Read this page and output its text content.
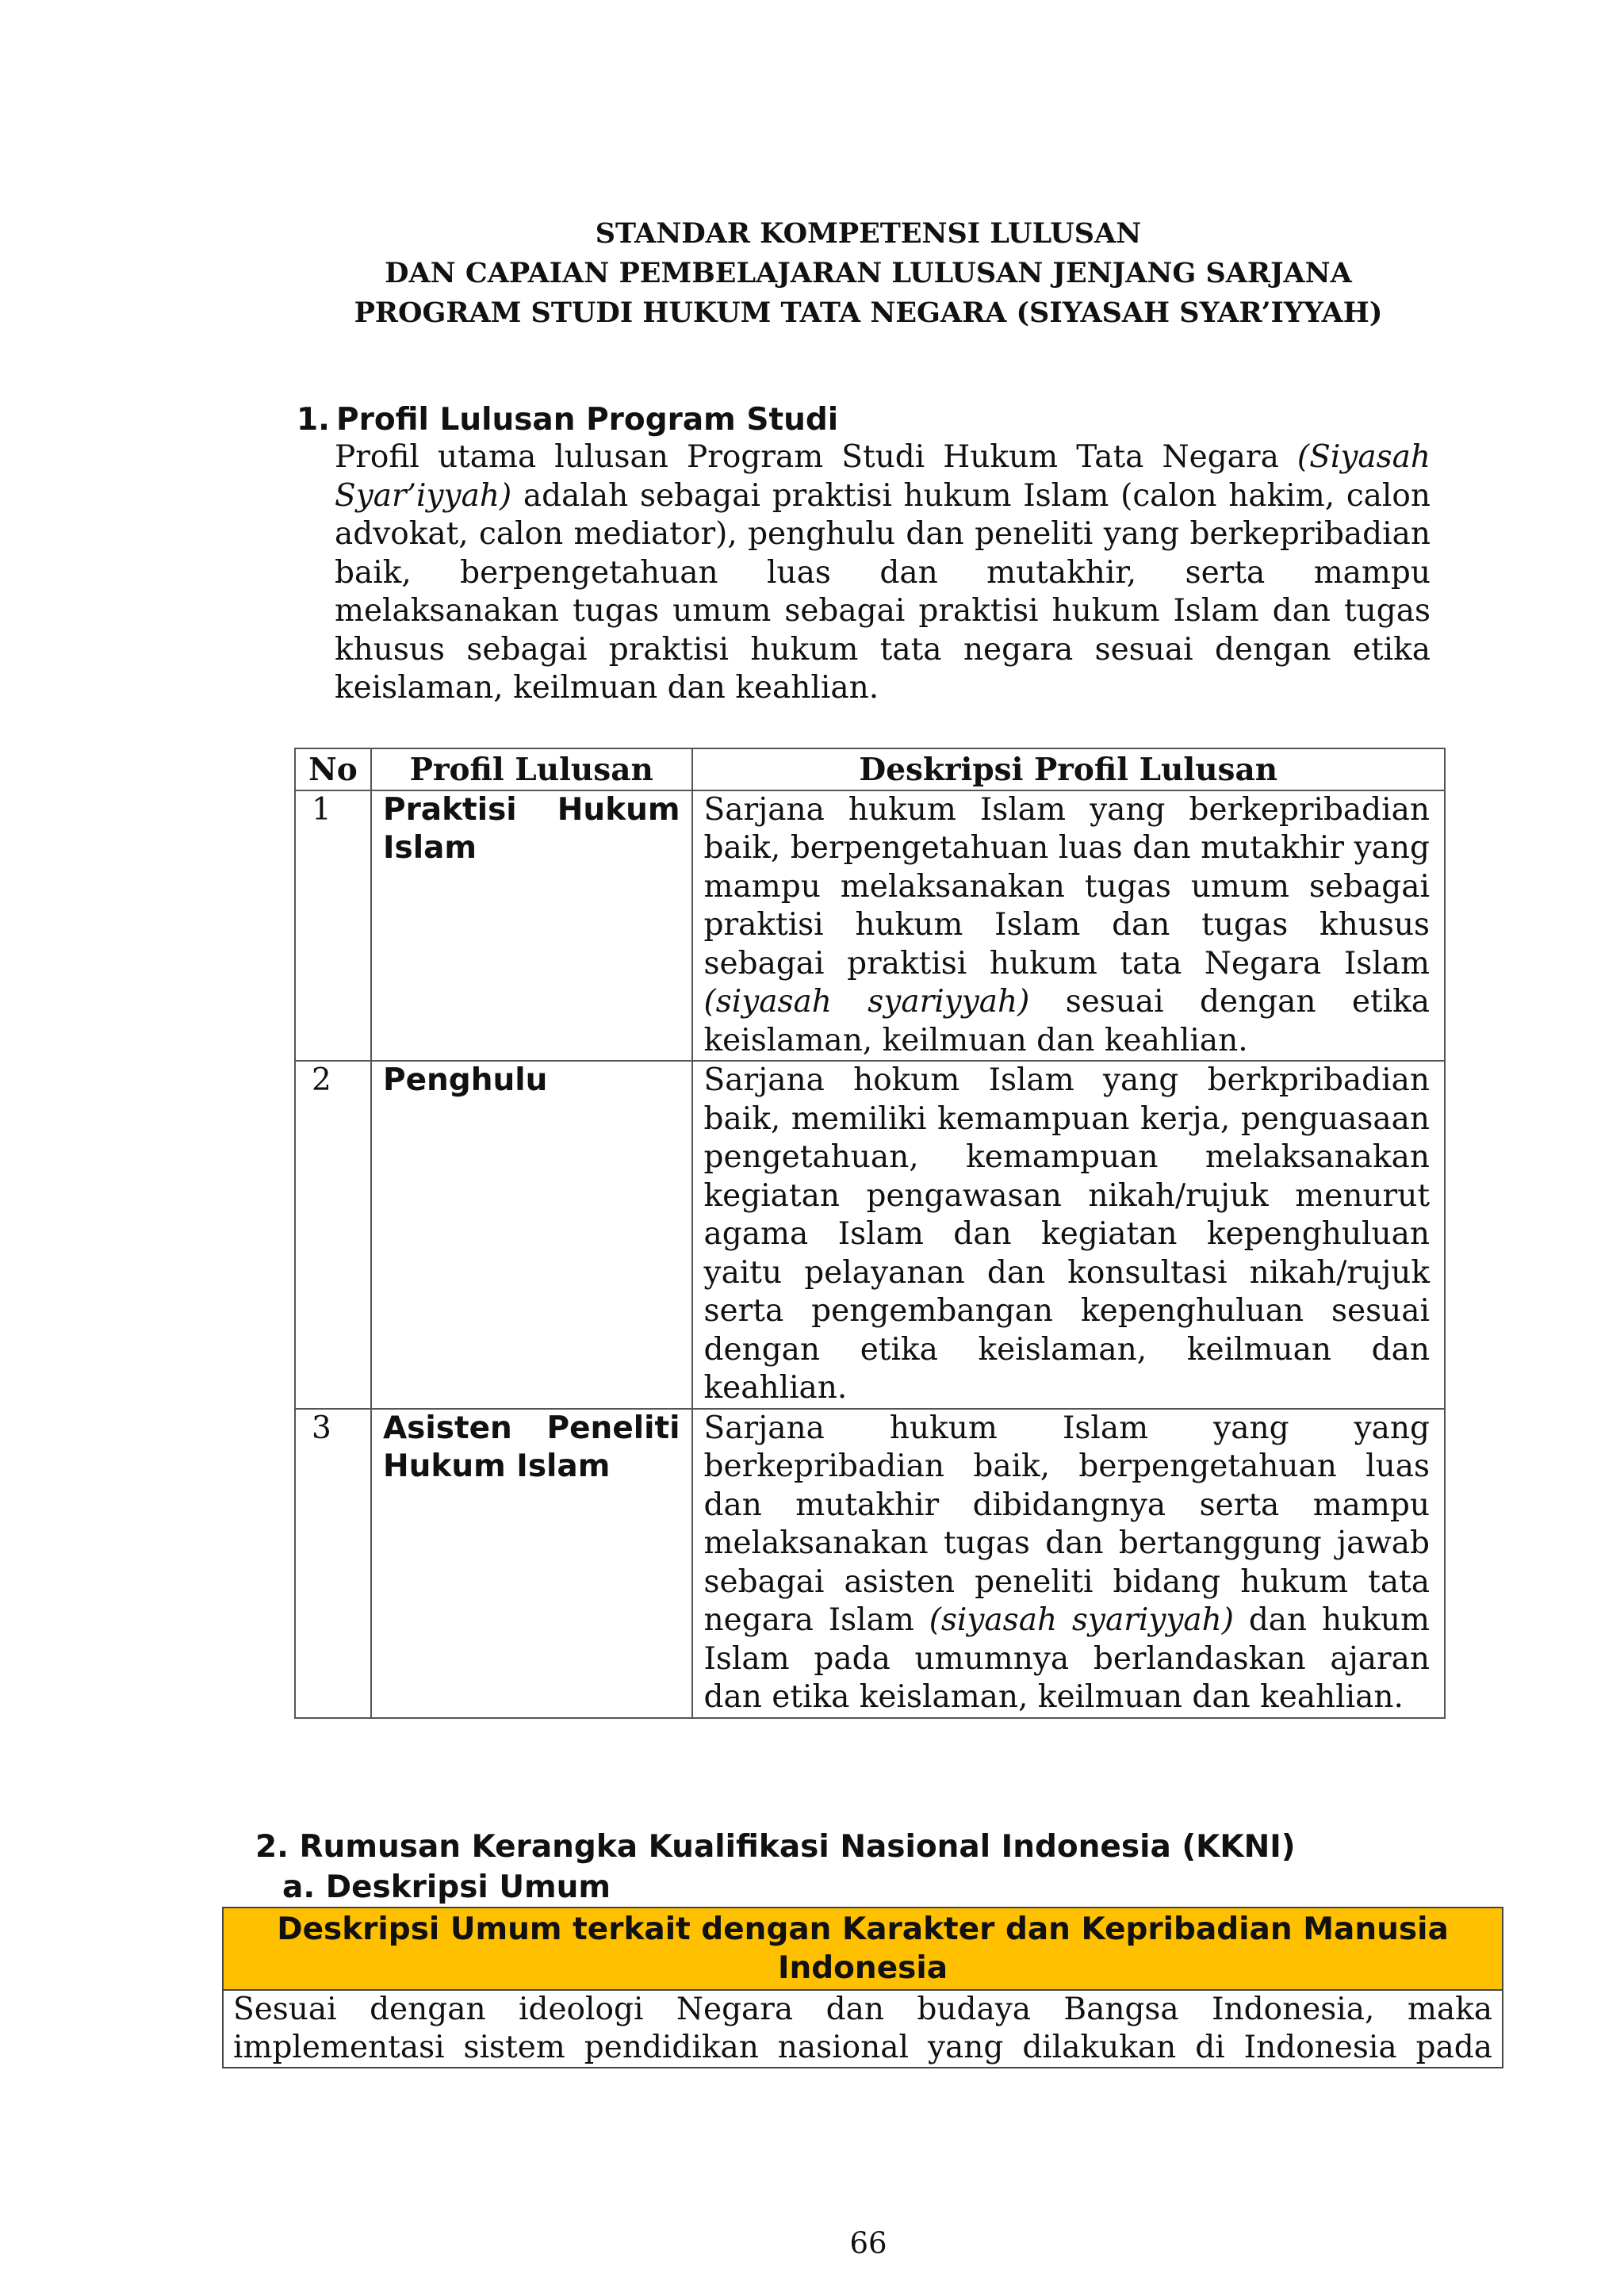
STANDAR KOMPETENSI LULUSAN
DAN CAPAIAN PEMBELAJARAN LULUSAN JENJANG SARJANA
PROGRAM STUDI HUKUM TATA NEGARA (SIYASAH SYAR’IYYAH)
1. Profil Lulusan Program Studi
Profil utama lulusan Program Studi Hukum Tata Negara (Siyasah Syar’iyyah) adalah sebagai praktisi hukum Islam (calon hakim, calon advokat, calon mediator), penghulu dan peneliti yang berkepribadian baik, berpengetahuan luas dan mutakhir, serta mampu melaksanakan tugas umum sebagai praktisi hukum Islam dan tugas khusus sebagai praktisi hukum tata negara sesuai dengan etika keislaman, keilmuan dan keahlian.
No	Profil Lulusan	Deskripsi Profil Lulusan
1	Praktisi Hukum Islam	Sarjana hukum Islam yang berkepribadian baik, berpengetahuan luas dan mutakhir yang mampu melaksanakan tugas umum sebagai praktisi hukum Islam dan tugas khusus sebagai praktisi hukum tata Negara Islam (siyasah syariyyah) sesuai dengan etika keislaman, keilmuan dan keahlian.
2	Penghulu	Sarjana hokum Islam yang berkpribadian baik, memiliki kemampuan kerja, penguasaan pengetahuan, kemampuan melaksanakan kegiatan pengawasan nikah/rujuk menurut agama Islam dan kegiatan kepenghuluan yaitu pelayanan dan konsultasi nikah/rujuk serta pengembangan kepenghuluan sesuai dengan etika keislaman, keilmuan dan keahlian.
3	Asisten Peneliti Hukum Islam	Sarjana hukum Islam yang yang berkepribadian baik, berpengetahuan luas dan mutakhir dibidangnya serta mampu melaksanakan tugas dan bertanggung jawab sebagai asisten peneliti bidang hukum tata negara Islam (siyasah syariyyah) dan hukum Islam pada umumnya berlandaskan ajaran dan etika keislaman, keilmuan dan keahlian.
2. Rumusan Kerangka Kualifikasi Nasional Indonesia (KKNI)
a. Deskripsi Umum
Deskripsi Umum terkait dengan Karakter dan Kepribadian Manusia
Indonesia
Sesuai dengan ideologi Negara dan budaya Bangsa Indonesia, maka
implementasi sistem pendidikan nasional yang dilakukan di Indonesia pada
66
